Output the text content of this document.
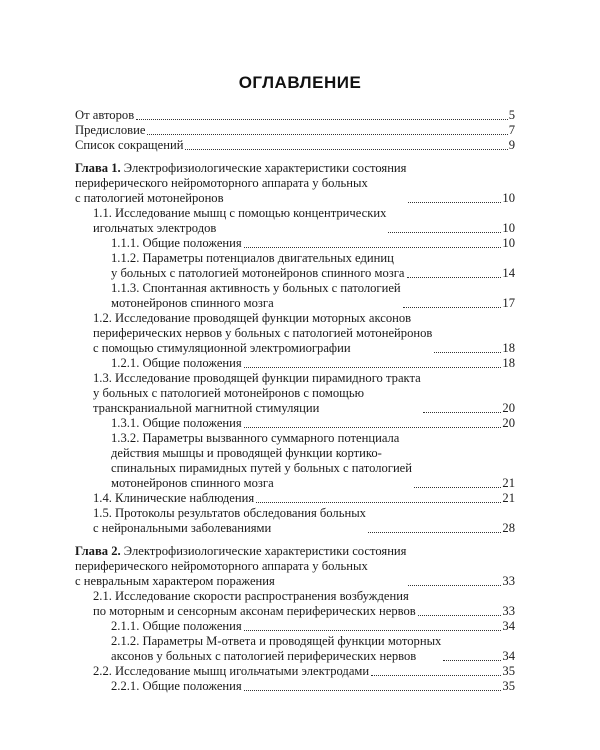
ОГЛАВЛЕНИЕ
От авторов	5
Предисловие	7
Список сокращений	9
Глава 1. Электрофизиологические характеристики состояния
периферического нейромоторного аппарата у больных
с патологией мотонейронов	10
1.1. Исследование мышц с помощью концентрических
игольчатых электродов	10
1.1.1. Общие положения	10
1.1.2. Параметры потенциалов двигательных единиц
у больных с патологией мотонейронов спинного мозга	14
1.1.3. Спонтанная активность у больных с патологией
мотонейронов спинного мозга	17
1.2. Исследование проводящей функции моторных аксонов
периферических нервов у больных с патологией мотонейронов
с помощью стимуляционной электромиографии	18
1.2.1. Общие положения	18
1.3. Исследование проводящей функции пирамидного тракта
у больных с патологией мотонейронов с помощью
транскраниальной магнитной стимуляции	20
1.3.1. Общие положения	20
1.3.2. Параметры вызванного суммарного потенциала
действия мышцы и проводящей функции кортико-
спинальных пирамидных путей у больных с патологией
мотонейронов спинного мозга	21
1.4. Клинические наблюдения	21
1.5. Протоколы результатов обследования больных
с нейрональными заболеваниями	28
Глава 2. Электрофизиологические характеристики состояния
периферического нейромоторного аппарата у больных
с невральным характером поражения	33
2.1. Исследование скорости распространения возбуждения
по моторным и сенсорным аксонам периферических нервов	33
2.1.1. Общие положения	34
2.1.2. Параметры М-ответа и проводящей функции моторных
аксонов у больных с патологией периферических нервов	34
2.2. Исследование мышц игольчатыми электродами	35
2.2.1. Общие положения	35
